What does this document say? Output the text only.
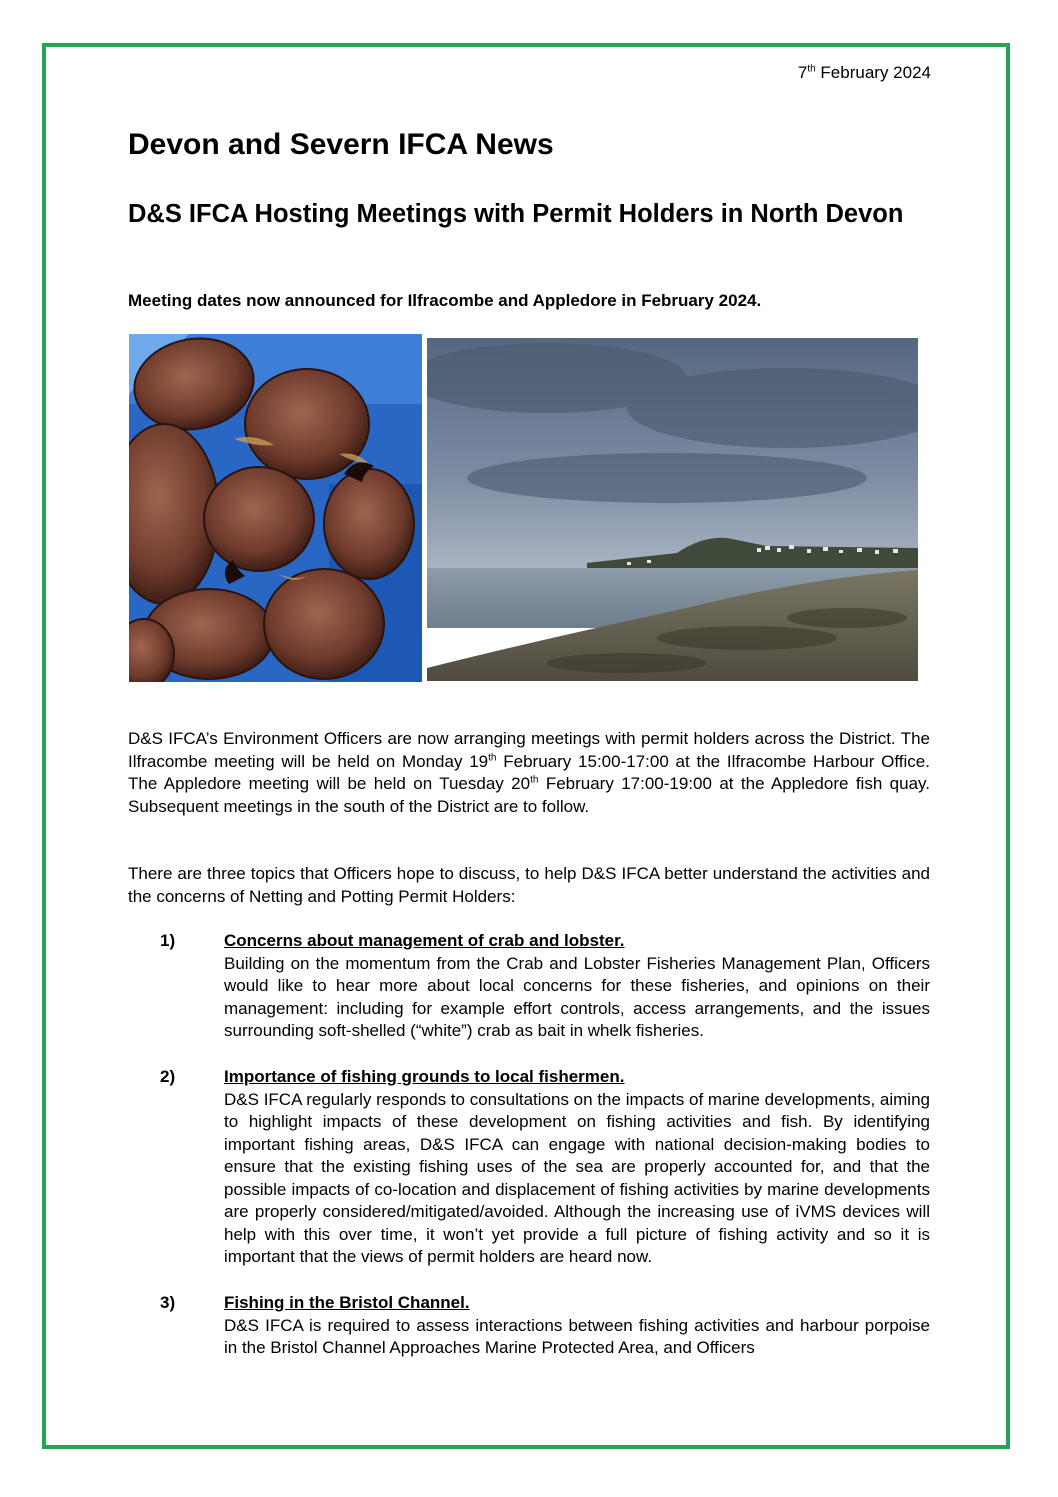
7th February 2024
Devon and Severn IFCA News
D&S IFCA Hosting Meetings with Permit Holders in North Devon
Meeting dates now announced for Ilfracombe and Appledore in February 2024.

D&S IFCA’s Environment Officers are now arranging meetings with permit holders across the District. The Ilfracombe meeting will be held on Monday 19th February 15:00-17:00 at the Ilfracombe Harbour Office. The Appledore meeting will be held on Tuesday 20th February 17:00-19:00 at the Appledore fish quay. Subsequent meetings in the south of the District are to follow.

There are three topics that Officers hope to discuss, to help D&S IFCA better understand the activities and the concerns of Netting and Potting Permit Holders:

1)	Concerns about management of crab and lobster.

Building on the momentum from the Crab and Lobster Fisheries Management Plan, Officers would like to hear more about local concerns for these fisheries, and opinions on their management: including for example effort controls, access arrangements, and the issues surrounding soft-shelled (“white”) crab as bait in whelk fisheries.

2)	Importance of fishing grounds to local fishermen.

D&S IFCA regularly responds to consultations on the impacts of marine developments, aiming to highlight impacts of these development on fishing activities and fish. By identifying important fishing areas, D&S IFCA can engage with national decision-making bodies to ensure that the existing fishing uses of the sea are properly accounted for, and that the possible impacts of co-location and displacement of fishing activities by marine developments are properly considered/mitigated/avoided. Although the increasing use of iVMS devices will help with this over time, it won’t yet provide a full picture of fishing activity and so it is important that the views of permit holders are heard now.

3)	Fishing in the Bristol Channel.

D&S IFCA is required to assess interactions between fishing activities and harbour porpoise in the Bristol Channel Approaches Marine Protected Area, and Officers
